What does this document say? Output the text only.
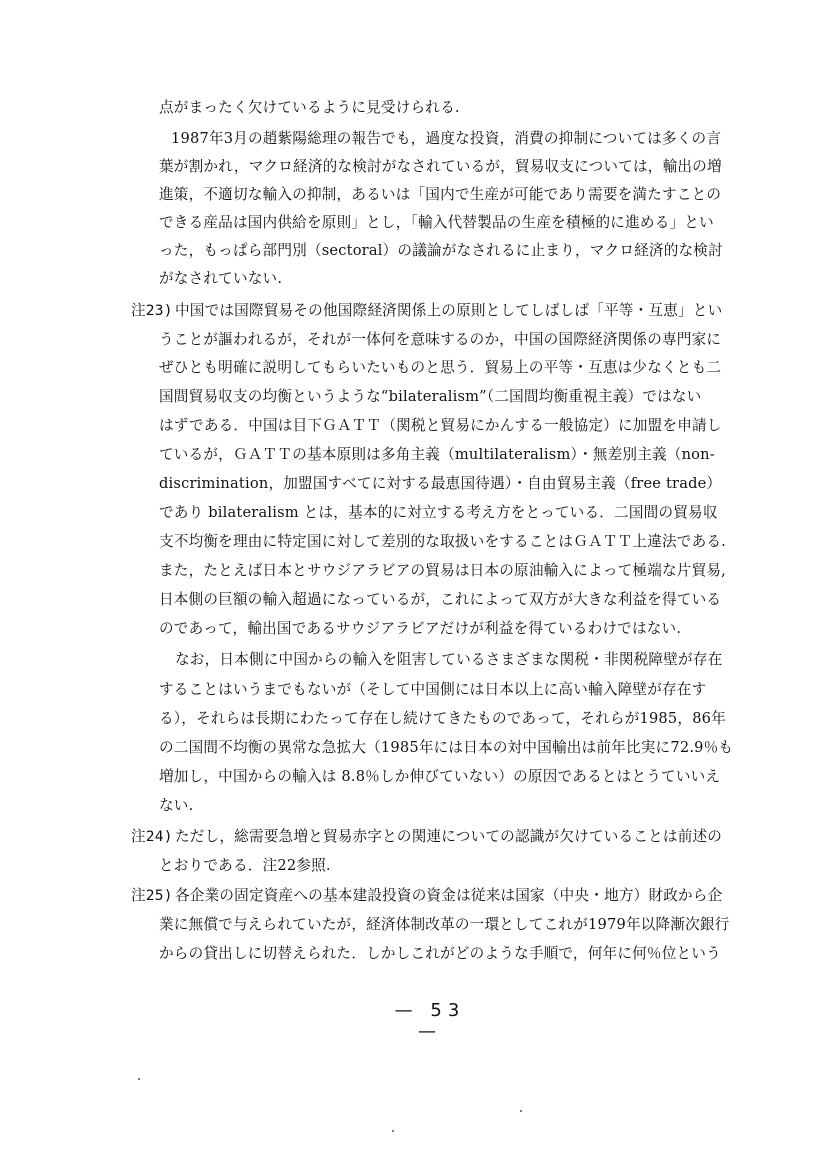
点がまったく欠けているように見受けられる.
1987年3月の趙紫陽総理の報告でも，過度な投資，消費の抑制については多くの言
葉が割かれ，マクロ経済的な検討がなされているが，貿易収支については，輸出の増
進策，不適切な輸入の抑制，あるいは「国内で生産が可能であり需要を満たすことの
できる産品は国内供給を原則」とし，「輸入代替製品の生産を積極的に進める」とい
った，もっぱら部門別（sectoral）の議論がなされるに止まり，マクロ経済的な検討
がなされていない.
注23) 中国では国際貿易その他国際経済関係上の原則としてしばしば「平等・互恵」とい
うことが謳われるが，それが一体何を意味するのか，中国の国際経済関係の専門家に
ぜひとも明確に説明してもらいたいものと思う．貿易上の平等・互恵は少なくとも二
国間貿易収支の均衡というような“bilateralism”（二国間均衡重視主義）ではない
はずである．中国は目下ＧＡＴＴ（関税と貿易にかんする一般協定）に加盟を申請し
ているが，ＧＡＴＴの基本原則は多角主義（multilateralism）・無差別主義（non-
discrimination，加盟国すべてに対する最恵国待遇）・自由貿易主義（free trade）
であり bilateralism とは，基本的に対立する考え方をとっている．二国間の貿易収
支不均衡を理由に特定国に対して差別的な取扱いをすることはＧＡＴＴ上違法である.
また，たとえば日本とサウジアラビアの貿易は日本の原油輸入によって極端な片貿易,
日本側の巨額の輸入超過になっているが，これによって双方が大きな利益を得ている
のであって，輸出国であるサウジアラビアだけが利益を得ているわけではない.
なお，日本側に中国からの輸入を阻害しているさまざまな関税・非関税障壁が存在
することはいうまでもないが（そして中国側には日本以上に高い輸入障壁が存在す
る），それらは長期にわたって存在し続けてきたものであって，それらが1985，86年
の二国間不均衡の異常な急拡大（1985年には日本の対中国輸出は前年比実に72.9％も
増加し，中国からの輸入は 8.8％しか伸びていない）の原因であるとはとうていいえ
ない.
注24) ただし，総需要急増と貿易赤字との関連についての認識が欠けていることは前述の
とおりである．注22参照.
注25) 各企業の固定資産への基本建設投資の資金は従来は国家（中央・地方）財政から企
業に無償で与えられていたが，経済体制改革の一環としてこれが1979年以降漸次銀行
からの貸出しに切替えられた．しかしこれがどのような手順で，何年に何％位という
— 53 —
